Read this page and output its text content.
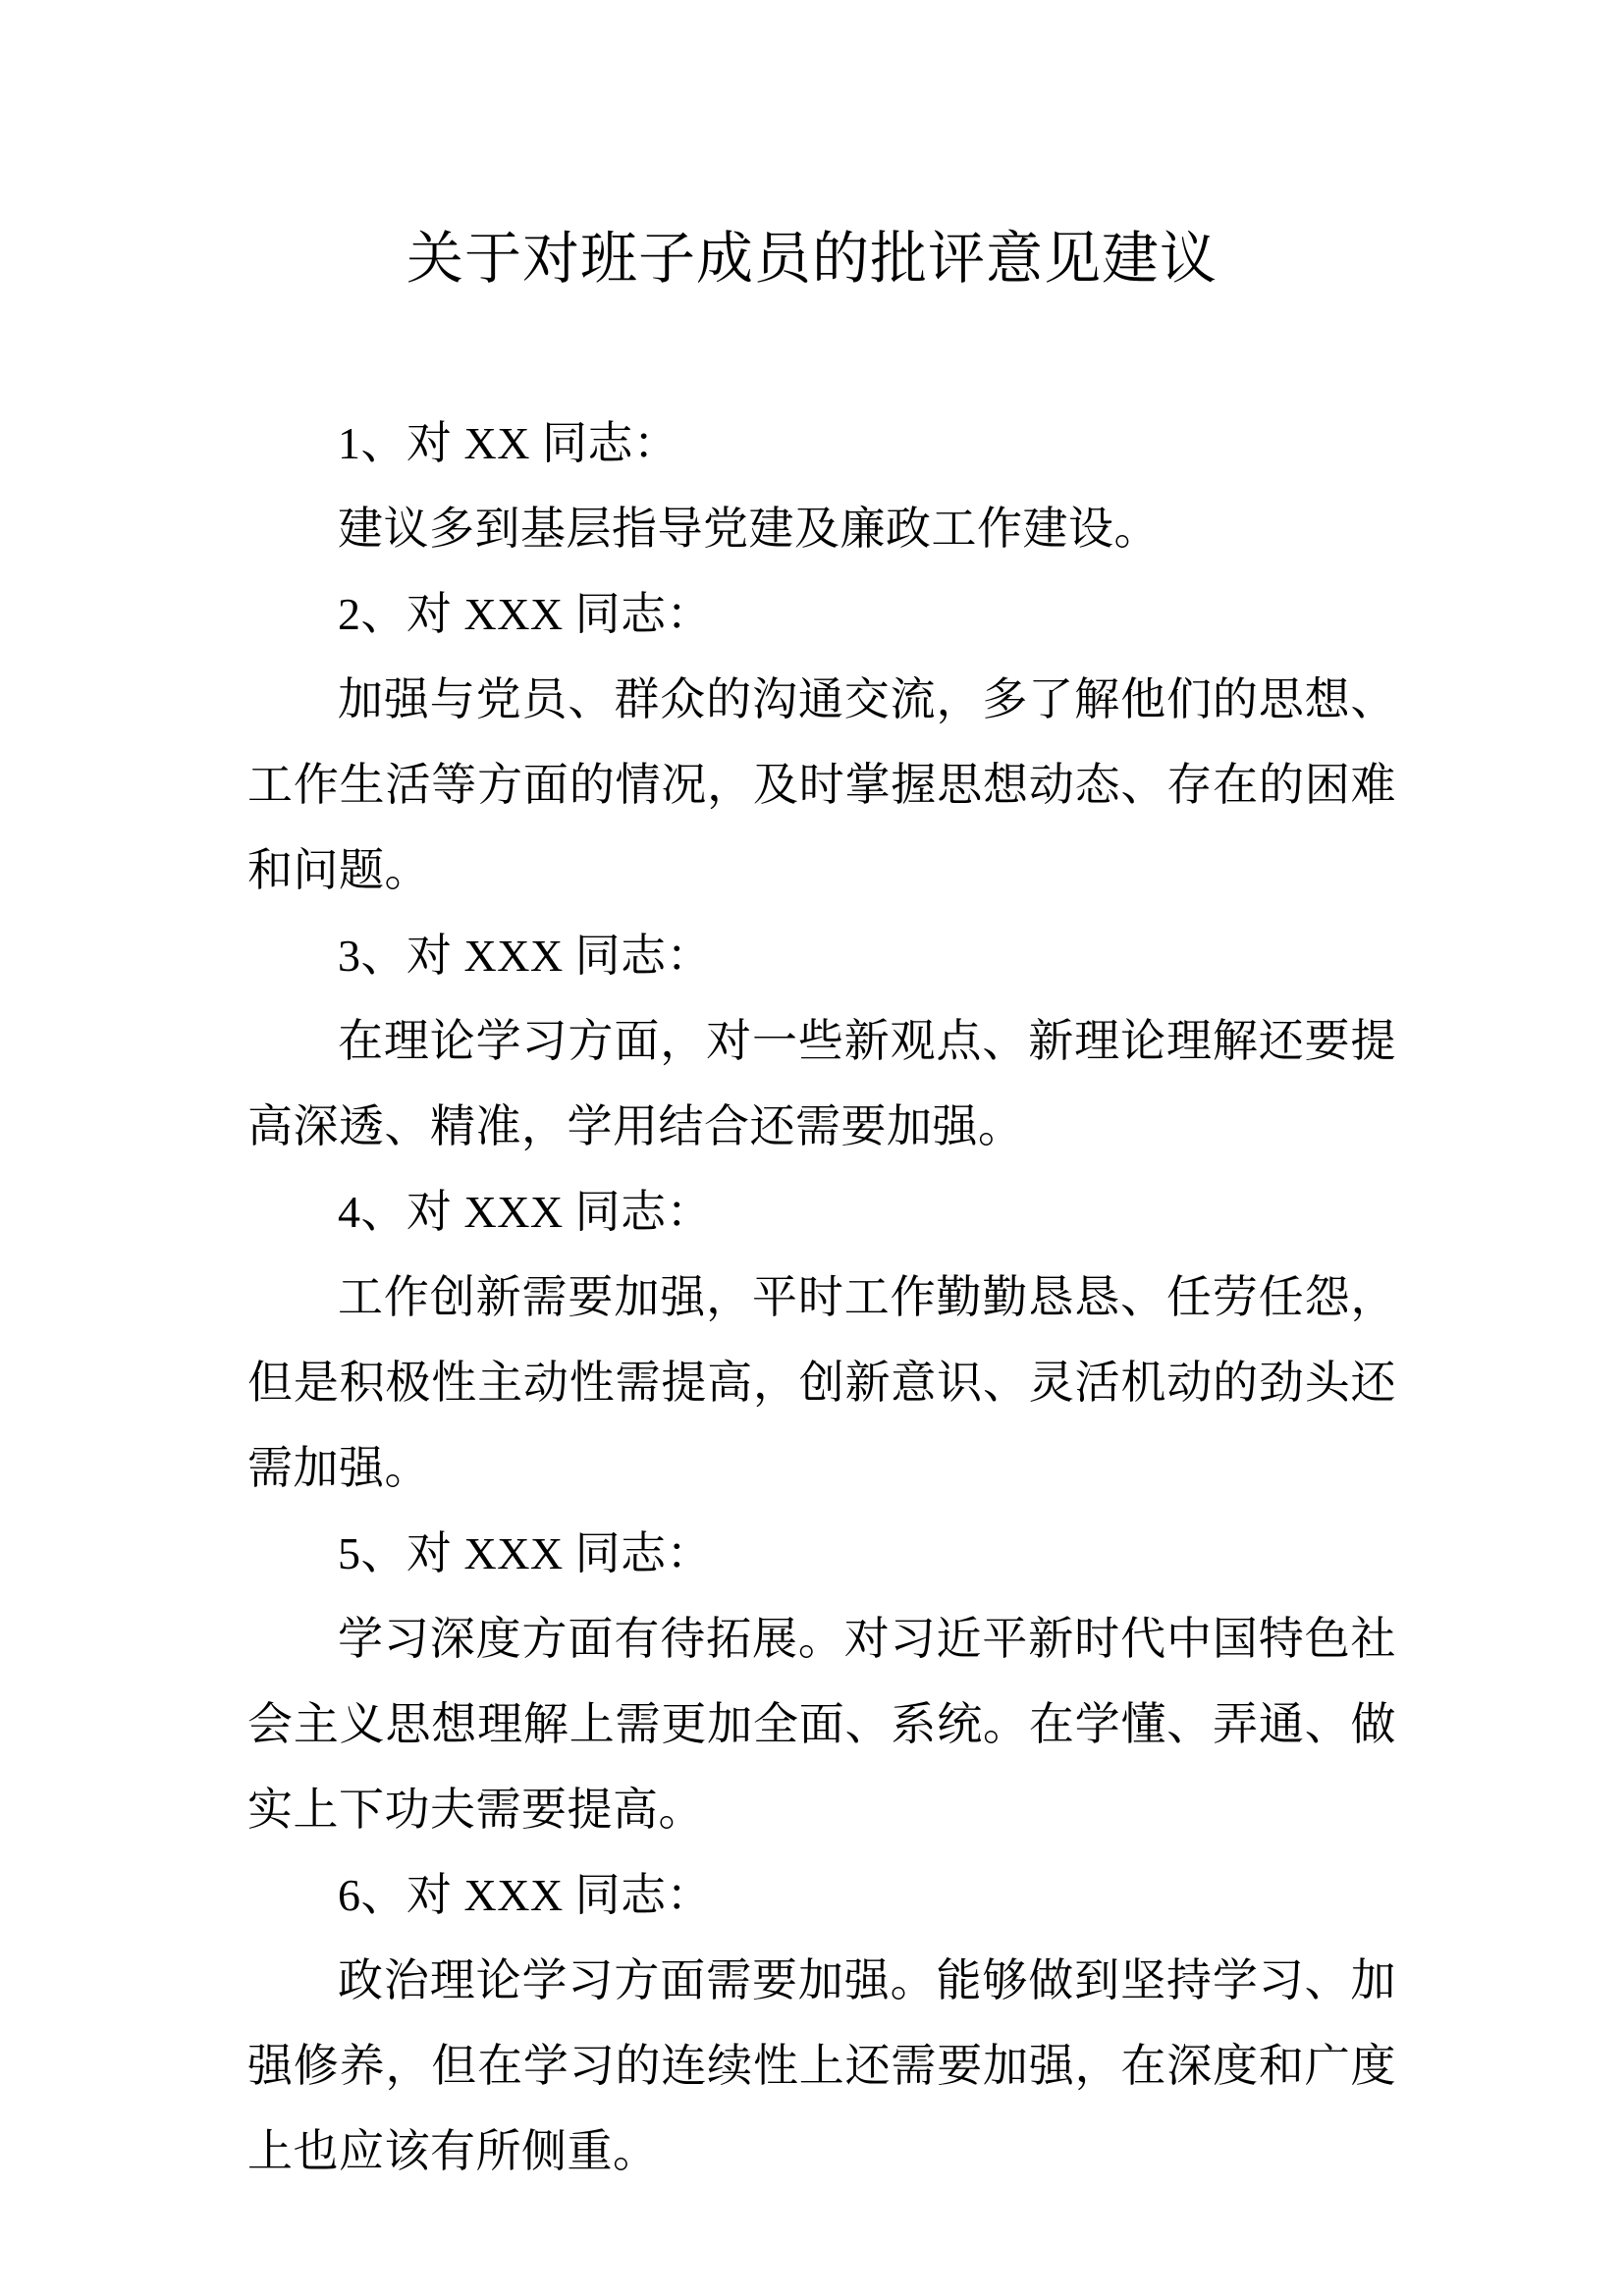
关于对班子成员的批评意见建议

1、对 XX 同志：

建议多到基层指导党建及廉政工作建设。

2、对 XXX 同志：

加强与党员、群众的沟通交流，多了解他们的思想、工作生活等方面的情况，及时掌握思想动态、存在的困难和问题。

3、对 XXX 同志：

在理论学习方面，对一些新观点、新理论理解还要提高深透、精准，学用结合还需要加强。

4、对 XXX 同志：

工作创新需要加强，平时工作勤勤恳恳、任劳任怨，但是积极性主动性需提高，创新意识、灵活机动的劲头还需加强。

5、对 XXX 同志：

学习深度方面有待拓展。对习近平新时代中国特色社会主义思想理解上需更加全面、系统。在学懂、弄通、做实上下功夫需要提高。

6、对 XXX 同志：

政治理论学习方面需要加强。能够做到坚持学习、加强修养，但在学习的连续性上还需要加强，在深度和广度上也应该有所侧重。
